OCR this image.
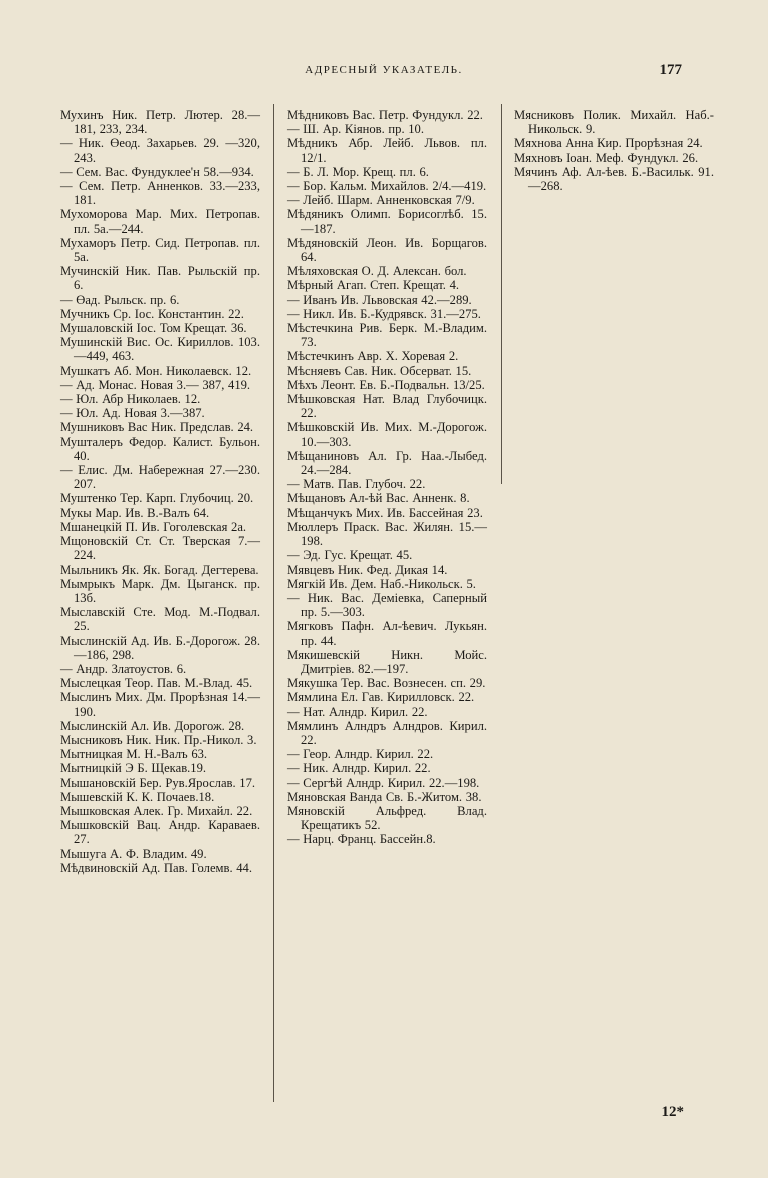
АДРЕСНЫЙ УКАЗАТЕЛЬ.	177

Мухинъ Ник. Петр. Лютер. 28.—181, 233, 234.

— Ник. Өеод. Захарьев. 29. —320, 243.

— Сем. Вас. Фундуклее'н 58.—934.

— Сем. Петр. Анненков. 33.—233, 181.

Мухоморова Мар. Мих. Петропав. пл. 5а.—244.

Мухаморъ Петр. Сид. Петропав. пл. 5а.

Мучинскій Ник. Пав. Рыльскій пр. 6.

— Өад. Рыльск. пр. 6.

Мучникъ Ср. Іос. Константин. 22.

Мушаловскій Іос. Том Крещат. 36.

Мушинскій Вис. Ос. Кириллов. 103.—449, 463.

Мушкатъ Аб. Мон. Николаевск. 12.

— Ад. Монас. Новая 3.— 387, 419.

— Юл. Абр Николаев. 12.

— Юл. Ад. Новая 3.—387.

Мушниковъ Вас Ник. Предслав. 24.

Мушталеръ Федор. Калист. Бульон. 40.

— Елис. Дм. Набережная 27.—230. 207.

Муштенко Тер. Карп. Глубочиц. 20.

Мукы Мар. Ив. В.-Валъ 64.

Мшанецкій П. Ив. Гоголевская 2а.

Мщоновскій Ст. Ст. Тверская 7.—224.

Мыльникъ Як. Як. Богад. Дегтерева.

Мымрыкъ Марк. Дм. Цыганск. пр. 13б.

Мыславскій Сте. Мод. М.-Подвал. 25.

Мыслинскій Ад. Ив. Б.-Дорогож. 28.—186, 298.

— Андр. Златоустов. 6.

Мыслецкая Теор. Пав. М.-Влад. 45.

Мыслинъ Мих. Дм. Прорѣзная 14.—190.

Мыслинскій Ал. Ив. Дорогож. 28.

Мысниковъ Ник. Ник. Пр.-Никол. 3.

Мытницкая М. Н.-Валъ 63.

Мытницкій Э Б. Щекав.19.

Мышановскій Бер. Рув.Ярослав. 17.

Мышевскій К. К. Почаев.18.

Мышковская Алек. Гр. Михайл. 22.

Мышковскій Вац. Андр. Караваев. 27.

Мышуга А. Ф. Владим. 49.

Мѣдвиновскій Ад. Пав. Големв. 44.

Мѣдниковъ Вас. Петр. Фундукл. 22.

— Ш. Ар. Кіянов. пр. 10.

Мѣдникъ Абр. Лейб. Львов. пл. 12/1.

— Б. Л. Мор. Крещ. пл. 6.

— Бор. Кальм. Михайлов. 2/4.—419.

— Лейб. Шарм. Анненковская 7/9.

Мѣдяникъ Олимп. Борисоглѣб. 15.—187.

Мѣдяновскій Леон. Ив. Борщагов. 64.

Мѣляховская О. Д. Алексан. бол.

Мѣрный Агап. Степ. Крещат. 4.

— Иванъ Ив. Львовская 42.—289.

— Никл. Ив. Б.-Кудрявск. 31.—275.

Мѣстечкина Рив. Берк. М.-Владим. 73.

Мѣстечкинъ Авр. Х. Хоревая 2.

Мѣсняевъ Сав. Ник. Обсерват. 15.

Мѣхъ Леонт. Ев. Б.-Подвальн. 13/25.

Мѣшковская Нат. Влад Глубочицк. 22.

Мѣшковскій Ив. Мих. М.-Дорогож. 10.—303.

Мѣщаниновъ Ал. Гр. Наа.-Лыбед. 24.—284.

— Матв. Пав. Глубоч. 22.

Мѣщановъ Ал-ѣй Вас. Анненк. 8.

Мѣщанчукъ Мих. Ив. Бассейная 23.

Мюллеръ Праск. Вас. Жилян. 15.—198.

— Эд. Гус. Крещат. 45.

Мявцевъ Ник. Фед. Дикая 14.

Мягкій Ив. Дем. Наб.-Никольск. 5.

— Ник. Вас. Деміевка, Саперный пр. 5.—303.

Мягковъ Пафн. Ал-ѣевич. Лукьян. пр. 44.

Мякишевскій Никн. Мойс. Дмитріев. 82.—197.

Мякушка Тер. Вас. Вознесен. сп. 29.

Мямлина Ел. Гав. Кирилловск. 22.

— Нат. Алндр. Кирил. 22.

Мямлинъ Алндръ Алндров. Кирил. 22.

— Геор. Алндр. Кирил. 22.

— Ник. Алндр. Кирил. 22.

— Сергѣй Алндр. Кирил. 22.—198.

Мяновская Ванда Св. Б.-Житом. 38.

Мяновскій Альфред. Влад. Крещатикъ 52.

— Нарц. Франц. Бассейн.8.

Мясниковъ Полик. Михайл. Наб.-Никольск. 9.

Мяхнова Анна Кир. Прорѣзная 24.

Мяхновъ Іоан. Меф. Фундукл. 26.

Мячинъ Аф. Ал-ѣев. Б.-Васильк. 91.—268.

12*
